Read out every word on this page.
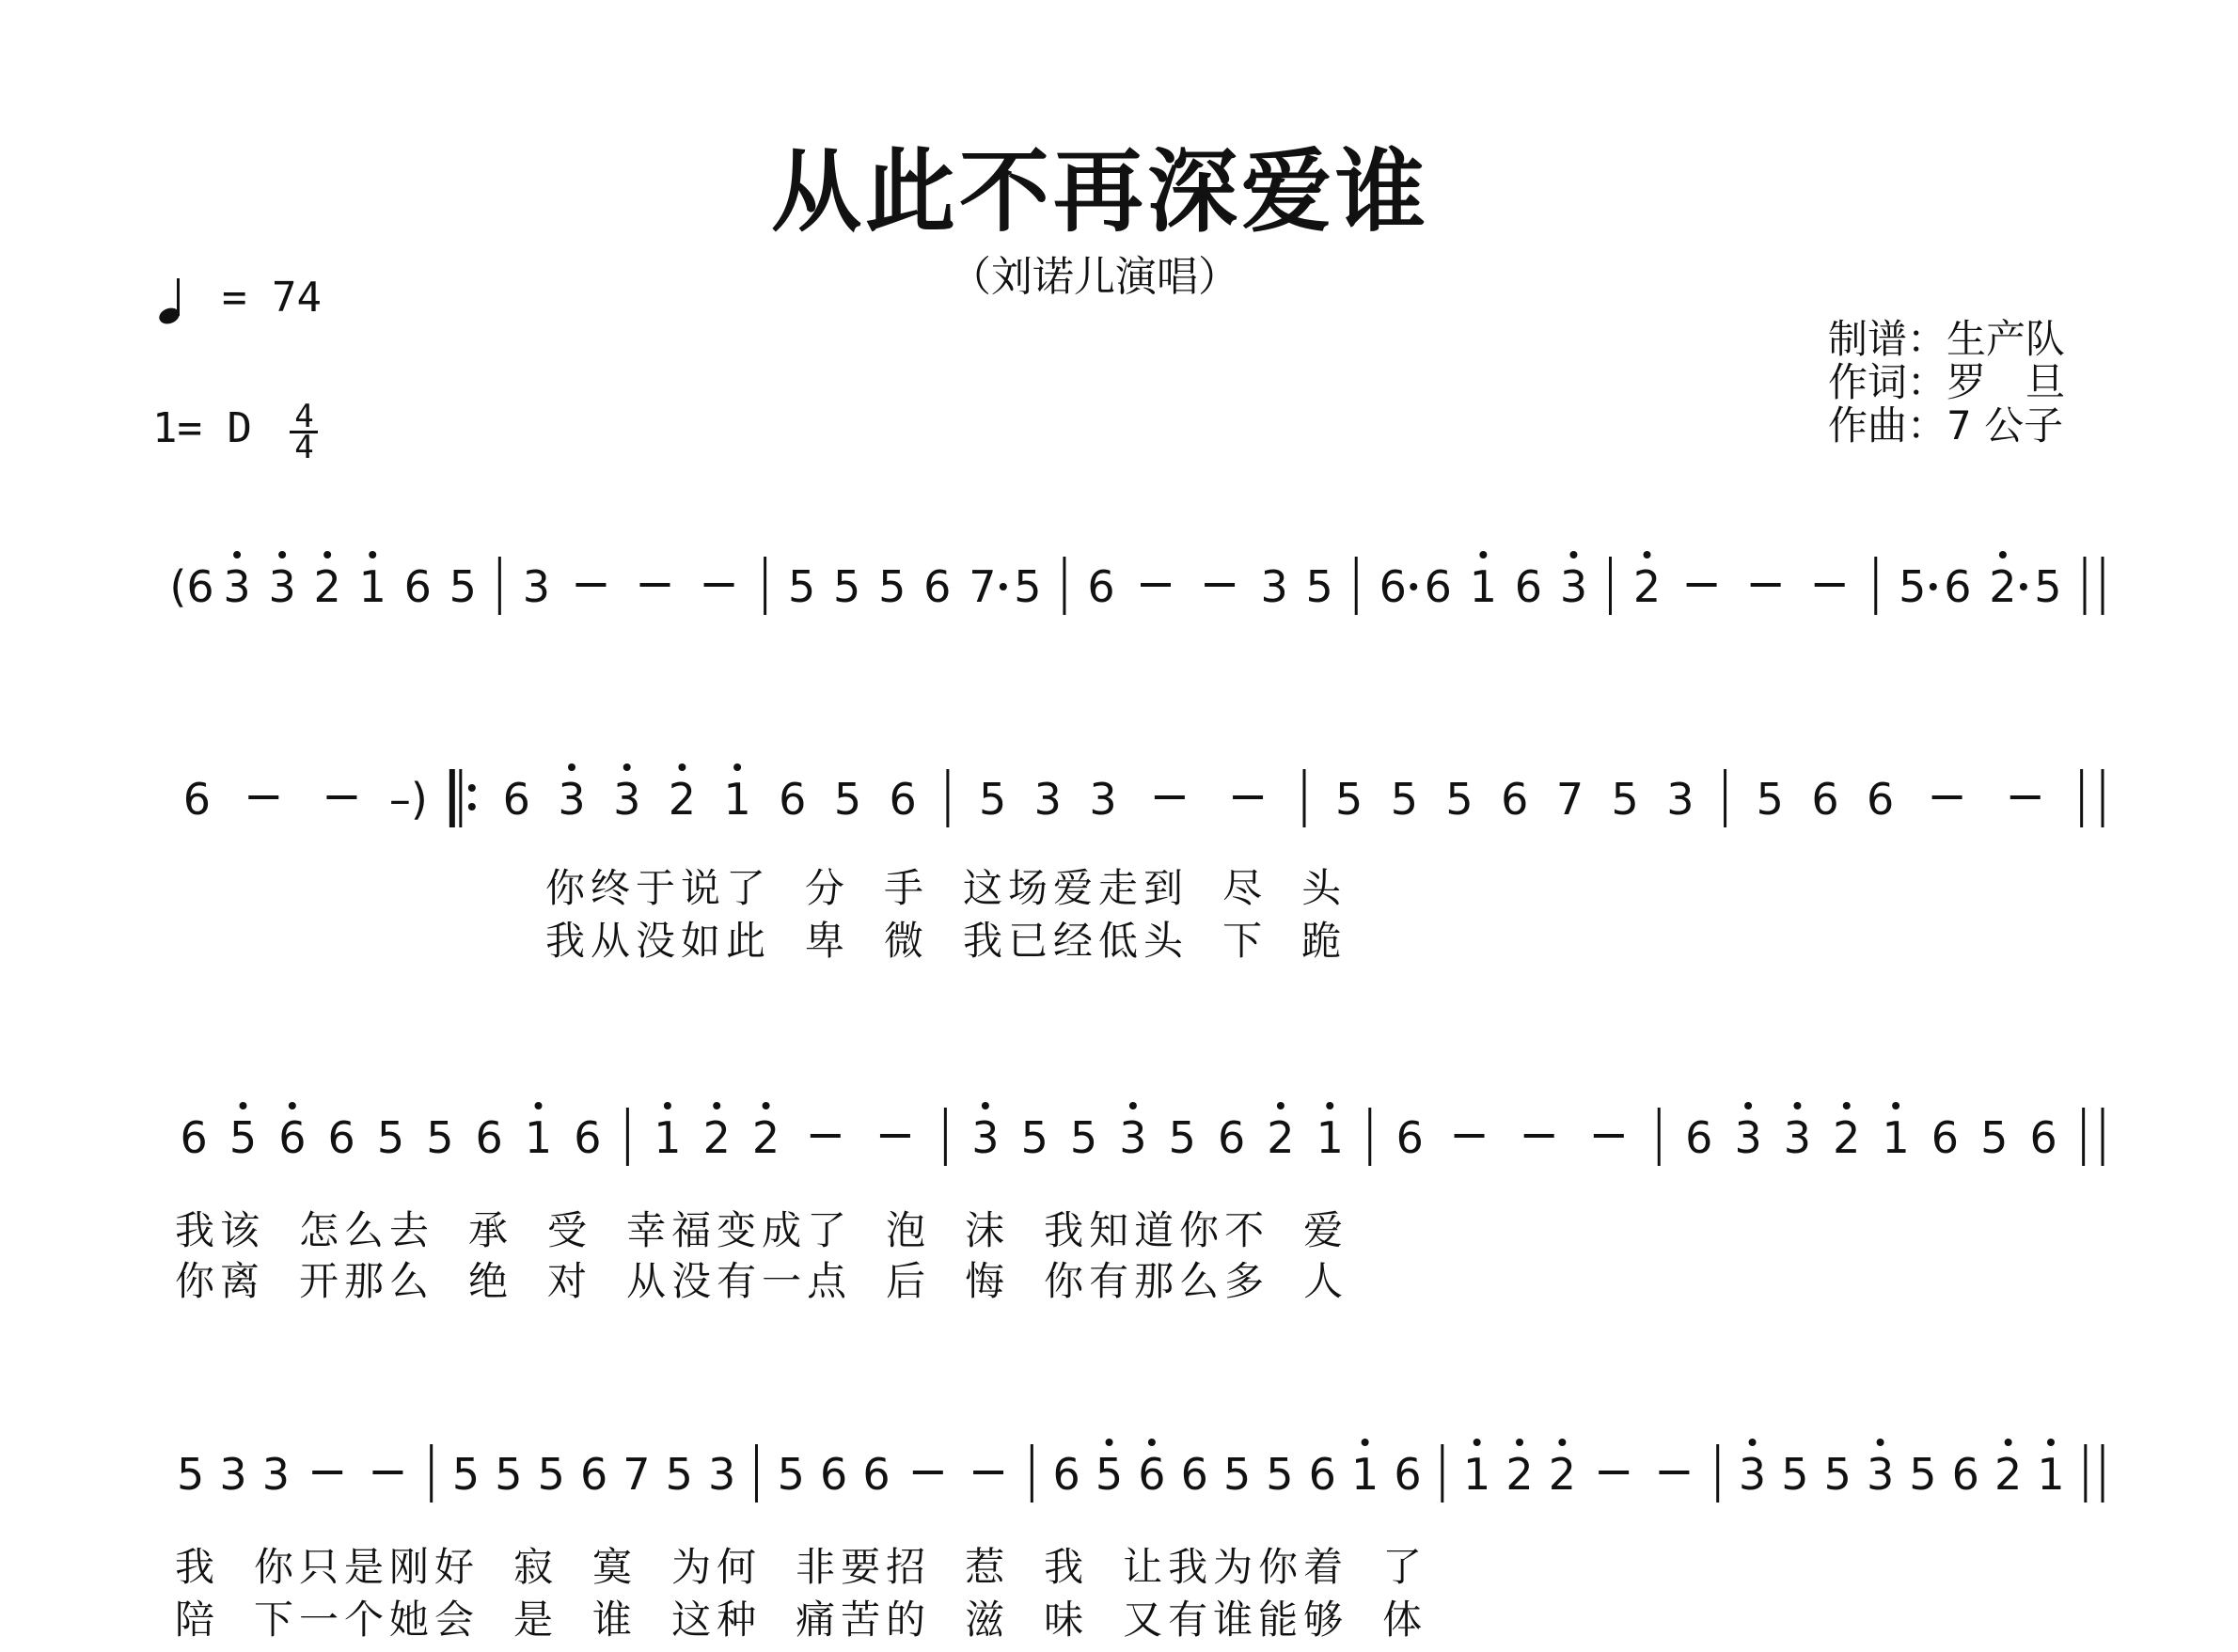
从此不再深爱谁
（刘诺儿演唱）
= 74
1= D $\frac{4}{4}$
制谱：生产队
作词：罗　旦
作曲：7 公子
(6 3 3 2 1 6 5 3	5 5 5 6 7 5 6	3 5 6 6 1 6 3 2	5 6 2 5
6	–) 6 3 3 2 1 6 5 6 5 3 3	5 5 5 6 7 5 3 5 6 6
6 5 6 6 5 5 6 1 6 1 2 2	3 5 5 3 5 6 2 1 6	6 3 3 2 1 6 5 6
5 3 3	5 5 5 6 7 5 3 5 6 6	6 5 6 6 5 5 6 1 6 1 2 2	3 5 5 3 5 6 2 1
你终于说了 分 手 这场爱走到 尽 头
我从没如此 卑 微 我已经低头 下 跪
我该 怎么去 承 受 幸福变成了 泡 沫 我知道你不 爱
你离 开那么 绝 对 从没有一点 后 悔 你有那么多 人
我 你只是刚好 寂 寞 为何 非要招 惹 我 让我为你着 了
陪 下一个她会 是 谁 这种 痛苦的 滋 味 又有谁能够 体
